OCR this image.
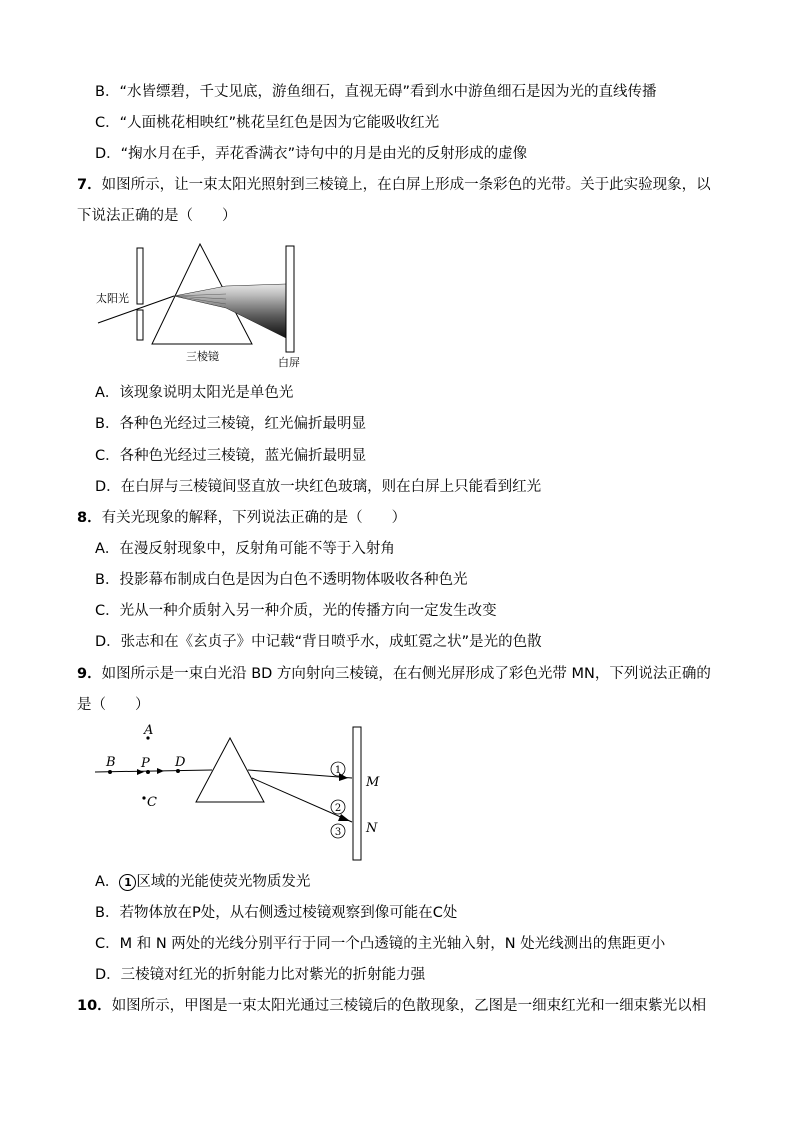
B．“水皆缥碧，千丈见底，游鱼细石，直视无碍”看到水中游鱼细石是因为光的直线传播
C．“人面桃花相映红”桃花呈红色是因为它能吸收红光
D．“掬水月在手，弄花香满衣”诗句中的月是由光的反射形成的虚像
7．如图所示，让一束太阳光照射到三棱镜上，在白屏上形成一条彩色的光带。关于此实验现象，以
下说法正确的是（　　）
太阳光
三棱镜	白屏
A．该现象说明太阳光是单色光
B．各种色光经过三棱镜，红光偏折最明显
C．各种色光经过三棱镜，蓝光偏折最明显
D．在白屏与三棱镜间竖直放一块红色玻璃，则在白屏上只能看到红光
8．有关光现象的解释，下列说法正确的是（　　）
A．在漫反射现象中，反射角可能不等于入射角
B．投影幕布制成白色是因为白色不透明物体吸收各种色光
C．光从一种介质射入另一种介质，光的传播方向一定发生改变
D．张志和在《玄贞子》中记载“背日喷乎水，成虹霓之状”是光的色散
9．如图所示是一束白光沿 BD 方向射向三棱镜，在右侧光屏形成了彩色光带 MN，下列说法正确的
是（　　）
A
B P D
C
1
2
3
M
N
A． 1 区域的光能使荧光物质发光
B．若物体放在P处，从右侧透过棱镜观察到像可能在C处
C．M 和 N 两处的光线分别平行于同一个凸透镜的主光轴入射，N 处光线测出的焦距更小
D．三棱镜对红光的折射能力比对紫光的折射能力强
10．如图所示，甲图是一束太阳光通过三棱镜后的色散现象，乙图是一细束红光和一细束紫光以相
